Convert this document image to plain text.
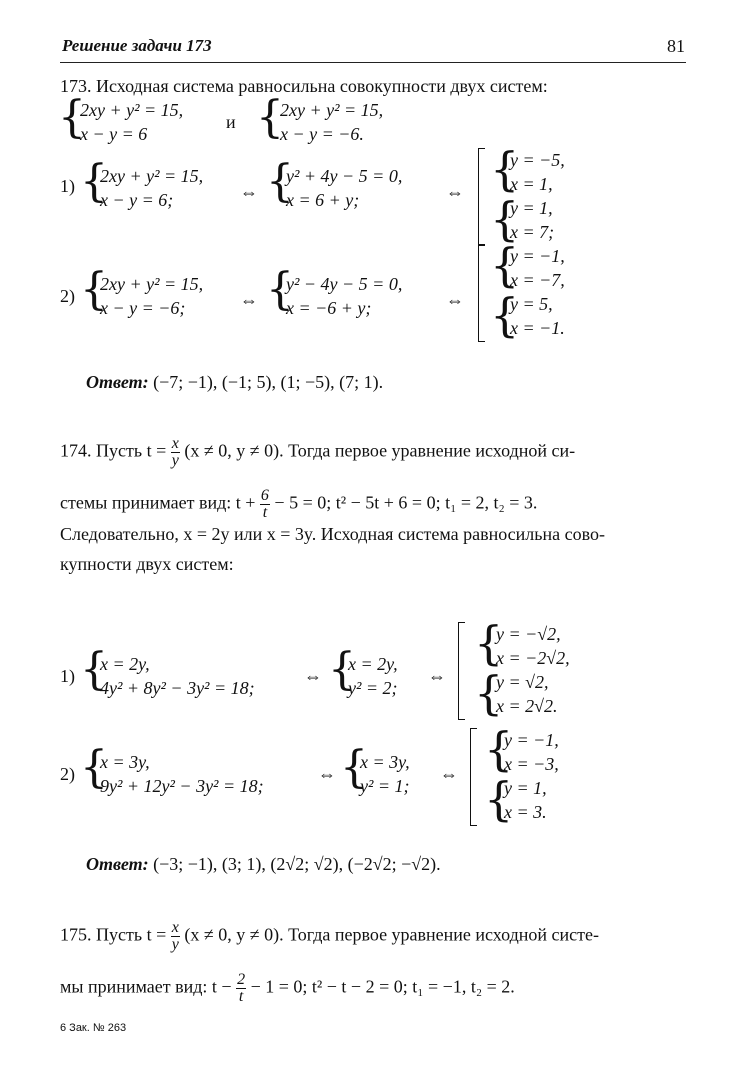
Решение задачи 173	81
173. Исходная система равносильна совокупности двух систем:
{
2xy + y² = 15,
x − y = 6
и {
2xy + y² = 15,
x − y = −6.
1) {
2xy + y² = 15,
x − y = 6;	⇔ {
y² + 4y − 5 = 0,
x = 6 + y;	⇔ {
{
y = −5,
x = 1,
y = 1,
x = 7;
2) {
2xy + y² = 15,
x − y = −6;	⇔ {
y² − 4y − 5 = 0,
x = −6 + y;	⇔
{
{
y = −1,
x = −7,
y = 5,
x = −1.
Ответ: (−7; −1), (−1; 5), (1; −5), (7; 1).
174. Пусть $t = \frac{x}{y} (x \ne 0$, y ≠ 0). Тогда первое уравнение исходной си-
стемы принимает вид: $t + \frac{6}{t} - 5 = 0$; t² − 5t + 6 = 0; t₁ = 2, t₂ = 3.
Следовательно, x = 2y или x = 3y. Исходная система равносильна сово-
купности двух систем:
1) {
x = 2y,
4y² + 8y² − 3y² = 18;
⇔ {
x = 2y,
y² = 2;
⇔
{
{
y = −√2,
x = −2√2,
y = √2,
x = 2√2.
2) {
x = 3y,
9y² + 12y² − 3y² = 18;
⇔ {
x = 3y,
y² = 1;
⇔ {
{
y = −1,
x = −3,
y = 1,
x = 3.
Ответ: (−3; −1), (3; 1), (2√2; √2), (−2√2; −√2).
175. Пусть $t = \frac{x}{y} (x \ne 0$, y ≠ 0). Тогда первое уравнение исходной систе-
мы принимает вид: $t - \frac{2}{t} - 1 = 0$; t² − t − 2 = 0; t₁ = −1, t₂ = 2.
6 Зак. № 263
